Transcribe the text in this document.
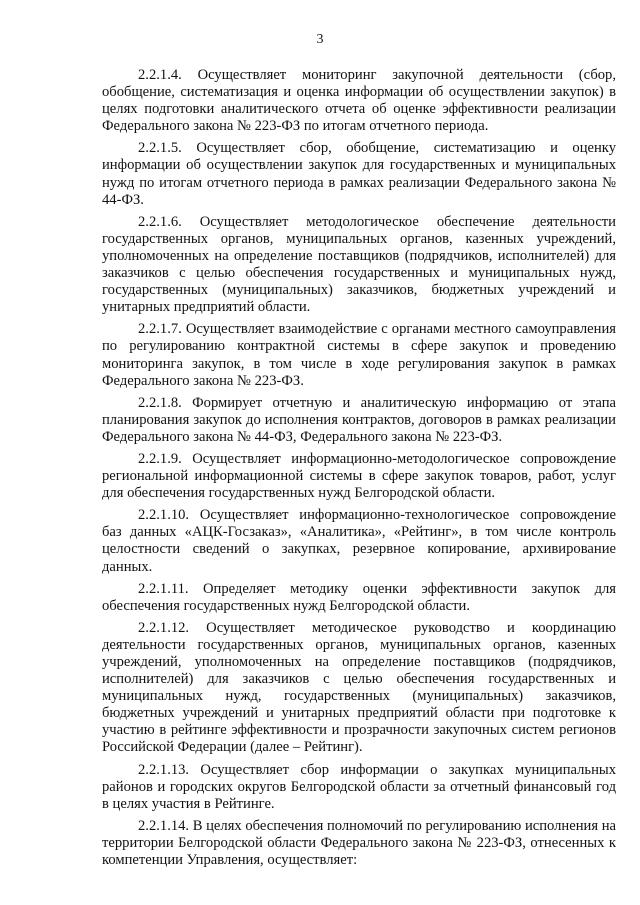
3

2.2.1.4. Осуществляет мониторинг закупочной деятельности (сбор, обобщение, систематизация и оценка информации об осуществлении закупок) в целях подготовки аналитического отчета об оценке эффективности реализации Федерального закона № 223-ФЗ по итогам отчетного периода.

2.2.1.5. Осуществляет сбор, обобщение, систематизацию и оценку информации об осуществлении закупок для государственных и муниципальных нужд по итогам отчетного периода в рамках реализации Федерального закона № 44-ФЗ.

2.2.1.6. Осуществляет методологическое обеспечение деятельности государственных органов, муниципальных органов, казенных учреждений, уполномоченных на определение поставщиков (подрядчиков, исполнителей) для заказчиков с целью обеспечения государственных и муниципальных нужд, государственных (муниципальных) заказчиков, бюджетных учреждений и унитарных предприятий области.

2.2.1.7. Осуществляет взаимодействие с органами местного самоуправления по регулированию контрактной системы в сфере закупок и проведению мониторинга закупок, в том числе в ходе регулирования закупок в рамках Федерального закона № 223-ФЗ.

2.2.1.8. Формирует отчетную и аналитическую информацию от этапа планирования закупок до исполнения контрактов, договоров в рамках реализации Федерального закона № 44-ФЗ, Федерального закона № 223-ФЗ.

2.2.1.9. Осуществляет информационно-методологическое сопровождение региональной информационной системы в сфере закупок товаров, работ, услуг для обеспечения государственных нужд Белгородской области.

2.2.1.10. Осуществляет информационно-технологическое сопровождение баз данных «АЦК-Госзаказ», «Аналитика», «Рейтинг», в том числе контроль целостности сведений о закупках, резервное копирование, архивирование данных.

2.2.1.11. Определяет методику оценки эффективности закупок для обеспечения государственных нужд Белгородской области.

2.2.1.12. Осуществляет методическое руководство и координацию деятельности государственных органов, муниципальных органов, казенных учреждений, уполномоченных на определение поставщиков (подрядчиков, исполнителей) для заказчиков с целью обеспечения государственных и муниципальных нужд, государственных (муниципальных) заказчиков, бюджетных учреждений и унитарных предприятий области при подготовке к участию в рейтинге эффективности и прозрачности закупочных систем регионов Российской Федерации (далее – Рейтинг).

2.2.1.13. Осуществляет сбор информации о закупках муниципальных районов и городских округов Белгородской области за отчетный финансовый год в целях участия в Рейтинге.

2.2.1.14. В целях обеспечения полномочий по регулированию исполнения на территории Белгородской области Федерального закона № 223-ФЗ, отнесенных к компетенции Управления, осуществляет:
